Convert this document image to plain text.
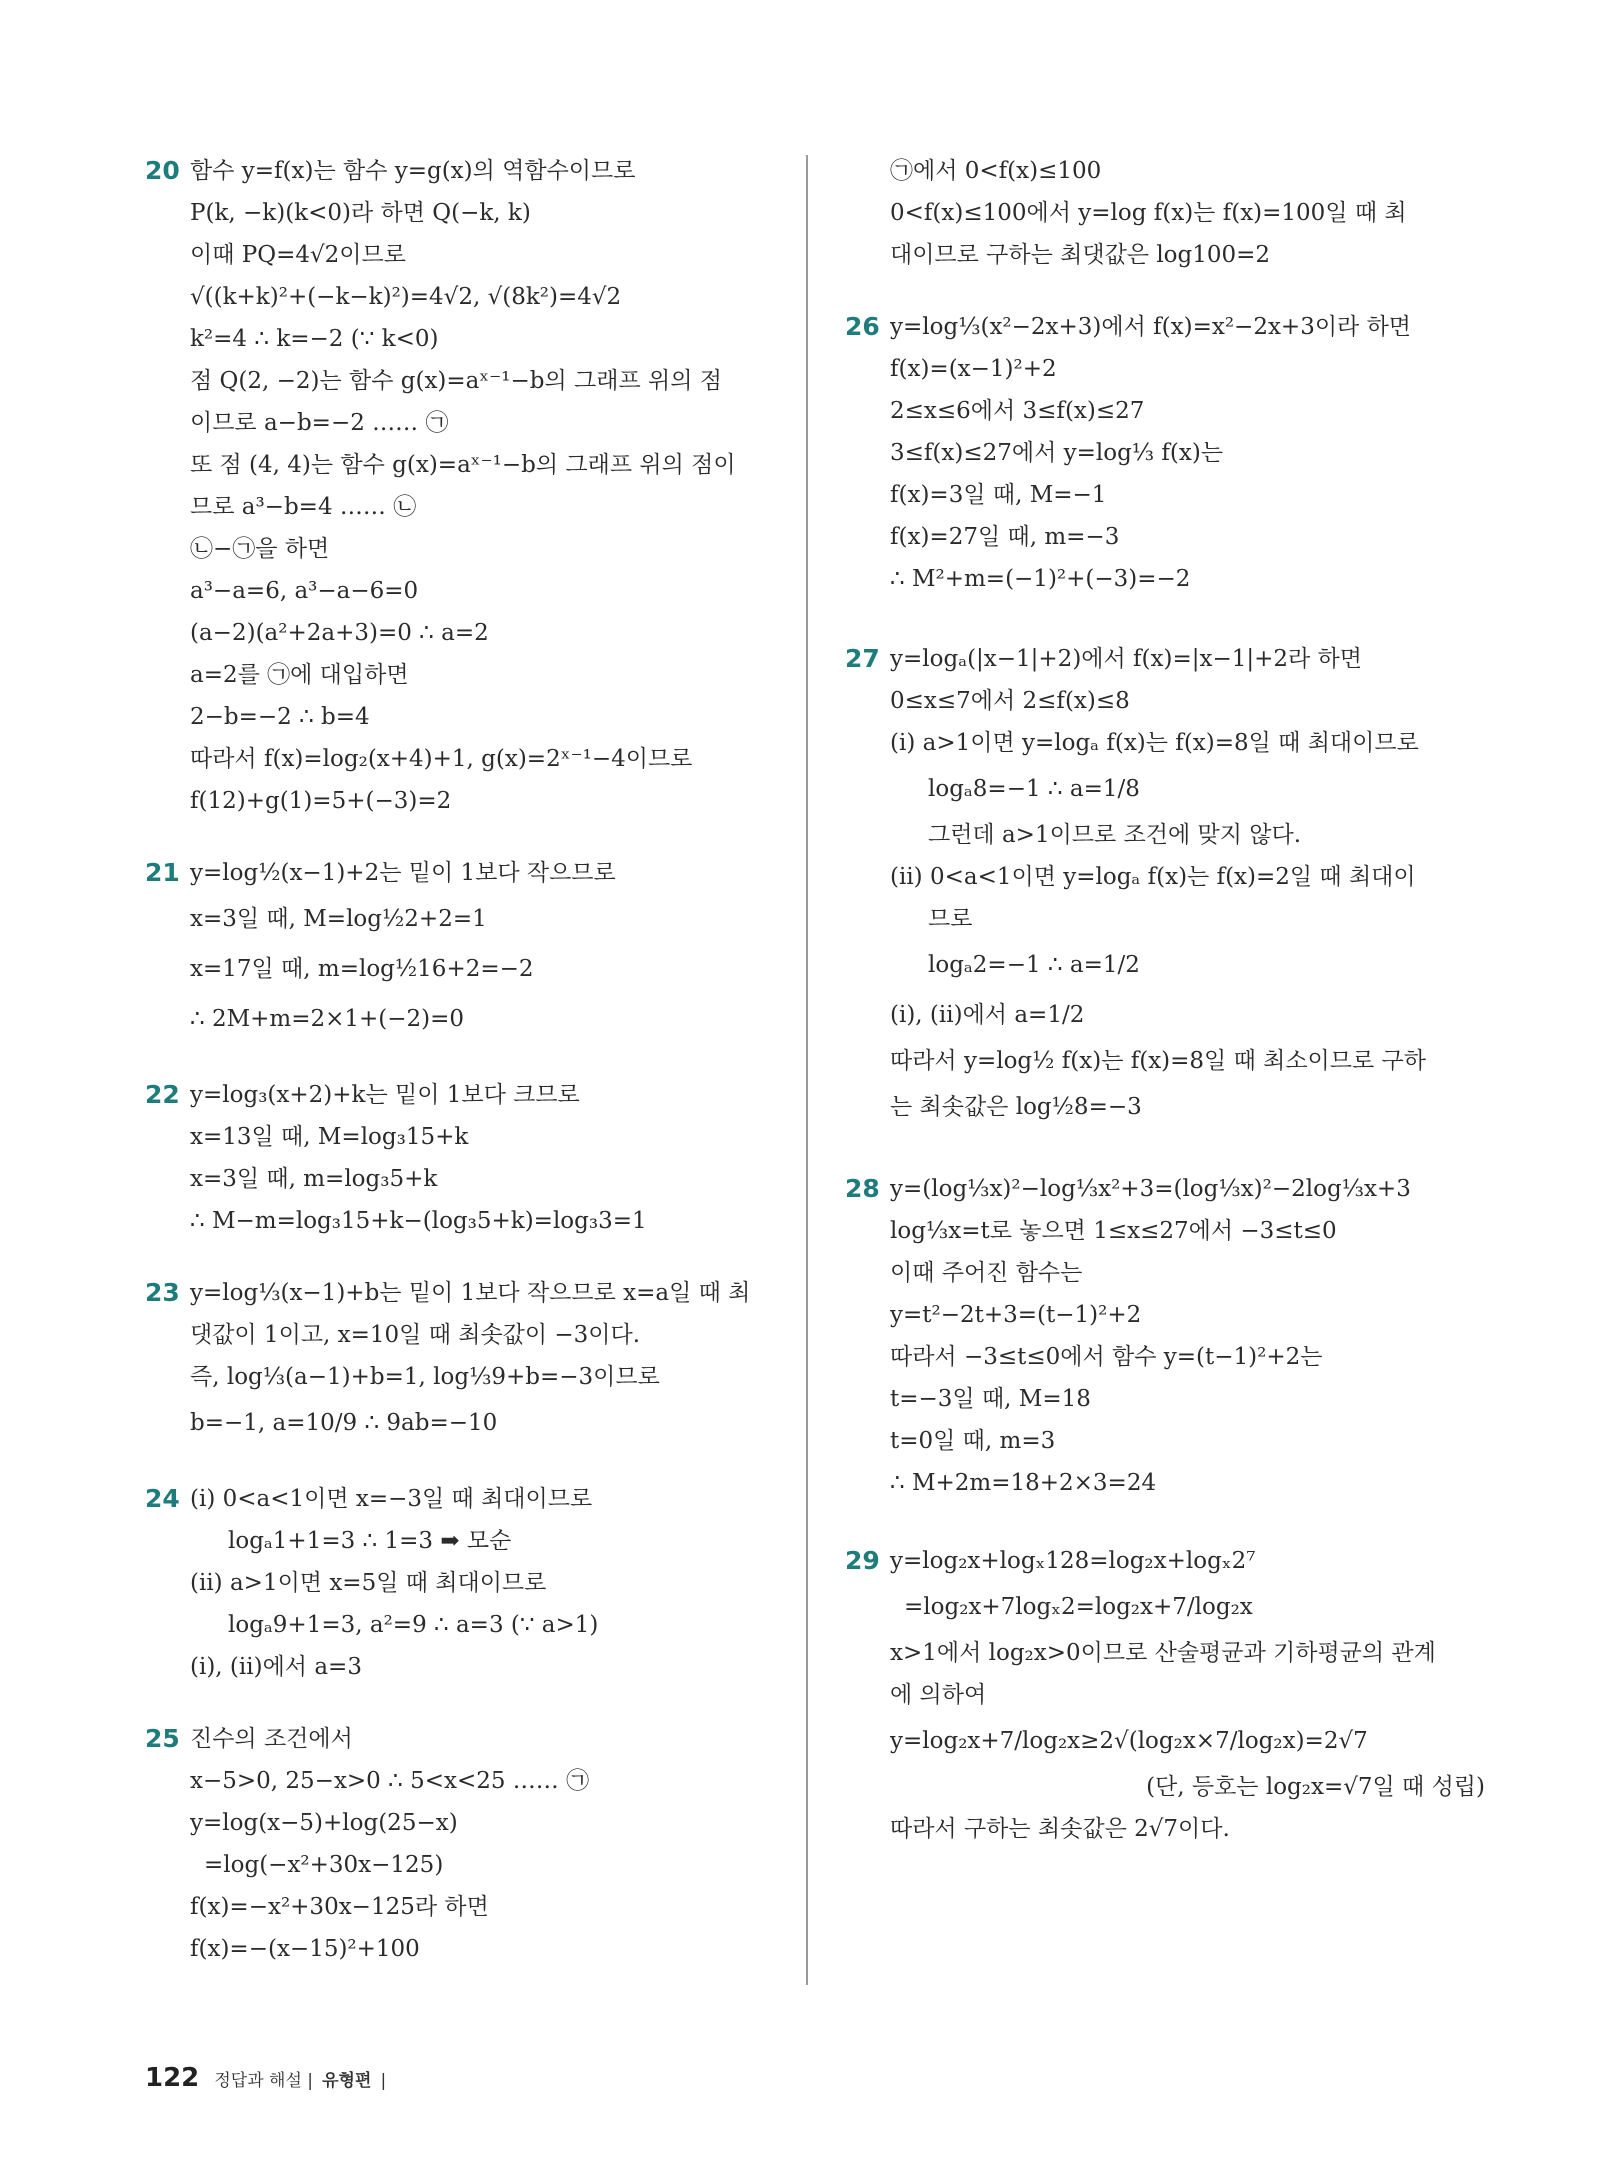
20 함수 y=f(x)는 함수 y=g(x)의 역함수이므로
P(k, −k)(k<0)라 하면 Q(−k, k)
이때 PQ=4√2이므로
√((k+k)²+(−k−k)²)=4√2, √(8k²)=4√2
k²=4 ∴ k=−2 (∵ k<0)
점 Q(2, −2)는 함수 g(x)=aˣ⁻¹−b의 그래프 위의 점
이므로 a−b=−2 …… ㉠
또 점 (4, 4)는 함수 g(x)=aˣ⁻¹−b의 그래프 위의 점이
므로 a³−b=4 …… ㉡
㉡−㉠을 하면
a³−a=6, a³−a−6=0
(a−2)(a²+2a+3)=0 ∴ a=2
a=2를 ㉠에 대입하면
2−b=−2 ∴ b=4
따라서 f(x)=log₂(x+4)+1, g(x)=2ˣ⁻¹−4이므로
f(12)+g(1)=5+(−3)=2
21 y=log½(x−1)+2는 밑이 1보다 작으므로
x=3일 때, M=log½2+2=1
x=17일 때, m=log½16+2=−2
∴ 2M+m=2×1+(−2)=0
22 y=log₃(x+2)+k는 밑이 1보다 크므로
x=13일 때, M=log₃15+k
x=3일 때, m=log₃5+k
∴ M−m=log₃15+k−(log₃5+k)=log₃3=1
23 y=log⅓(x−1)+b는 밑이 1보다 작으므로 x=a일 때 최
댓값이 1이고, x=10일 때 최솟값이 −3이다.
즉, log⅓(a−1)+b=1, log⅓9+b=−3이므로
b=−1, a=10/9 ∴ 9ab=−10
24 (ⅰ) 0<a<1이면 x=−3일 때 최대이므로
logₐ1+1=3 ∴ 1=3 ➡ 모순
(ⅱ) a>1이면 x=5일 때 최대이므로
logₐ9+1=3, a²=9 ∴ a=3 (∵ a>1)
(ⅰ), (ⅱ)에서 a=3
25 진수의 조건에서
x−5>0, 25−x>0 ∴ 5<x<25 …… ㉠
y=log(x−5)+log(25−x)
=log(−x²+30x−125)
f(x)=−x²+30x−125라 하면
f(x)=−(x−15)²+100
㉠에서 0<f(x)≤100
0<f(x)≤100에서 y=log f(x)는 f(x)=100일 때 최
대이므로 구하는 최댓값은 log100=2
26 y=log⅓(x²−2x+3)에서 f(x)=x²−2x+3이라 하면
f(x)=(x−1)²+2
2≤x≤6에서 3≤f(x)≤27
3≤f(x)≤27에서 y=log⅓ f(x)는
f(x)=3일 때, M=−1
f(x)=27일 때, m=−3
∴ M²+m=(−1)²+(−3)=−2
27 y=logₐ(|x−1|+2)에서 f(x)=|x−1|+2라 하면
0≤x≤7에서 2≤f(x)≤8
(ⅰ) a>1이면 y=logₐ f(x)는 f(x)=8일 때 최대이므로
logₐ8=−1 ∴ a=1/8
그런데 a>1이므로 조건에 맞지 않다.
(ⅱ) 0<a<1이면 y=logₐ f(x)는 f(x)=2일 때 최대이
므로
logₐ2=−1 ∴ a=1/2
(ⅰ), (ⅱ)에서 a=1/2
따라서 y=log½ f(x)는 f(x)=8일 때 최소이므로 구하
는 최솟값은 log½8=−3
28 y=(log⅓x)²−log⅓x²+3=(log⅓x)²−2log⅓x+3
log⅓x=t로 놓으면 1≤x≤27에서 −3≤t≤0
이때 주어진 함수는
y=t²−2t+3=(t−1)²+2
따라서 −3≤t≤0에서 함수 y=(t−1)²+2는
t=−3일 때, M=18
t=0일 때, m=3
∴ M+2m=18+2×3=24
29 y=log₂x+logₓ128=log₂x+logₓ2⁷
=log₂x+7logₓ2=log₂x+7/log₂x
x>1에서 log₂x>0이므로 산술평균과 기하평균의 관계
에 의하여
y=log₂x+7/log₂x≥2√(log₂x×7/log₂x)=2√7
(단, 등호는 log₂x=√7일 때 성립)
따라서 구하는 최솟값은 2√7이다.
122 정답과 해설 | 유형편 |
